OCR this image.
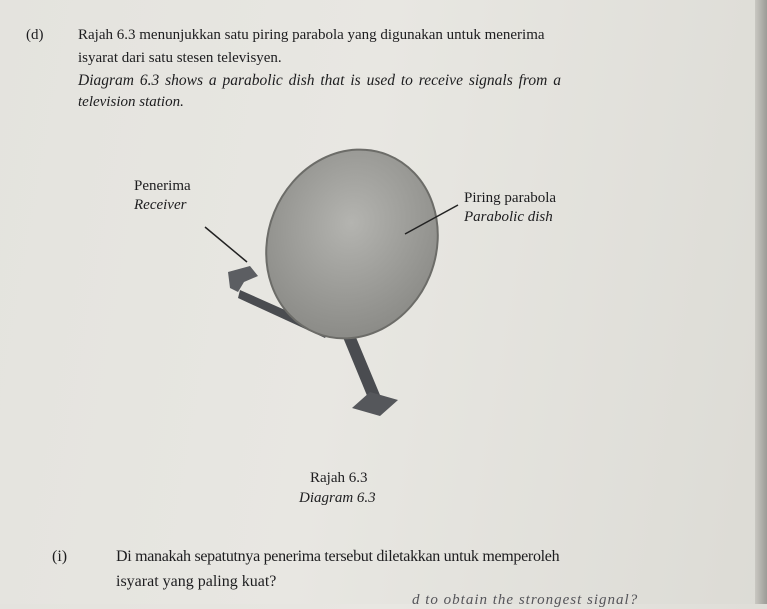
(d) Rajah 6.3 menunjukkan satu piring parabola yang digunakan untuk menerima
isyarat dari satu stesen televisyen.
Diagram 6.3 shows a parabolic dish that is used to receive signals from a
television station.
Penerima
Receiver	Piring parabola
Parabolic dish
Rajah 6.3
Diagram 6.3
(i)	Di manakah sepatutnya penerima tersebut diletakkan untuk memperoleh
isyarat yang paling kuat?
d to obtain the strongest signal?
